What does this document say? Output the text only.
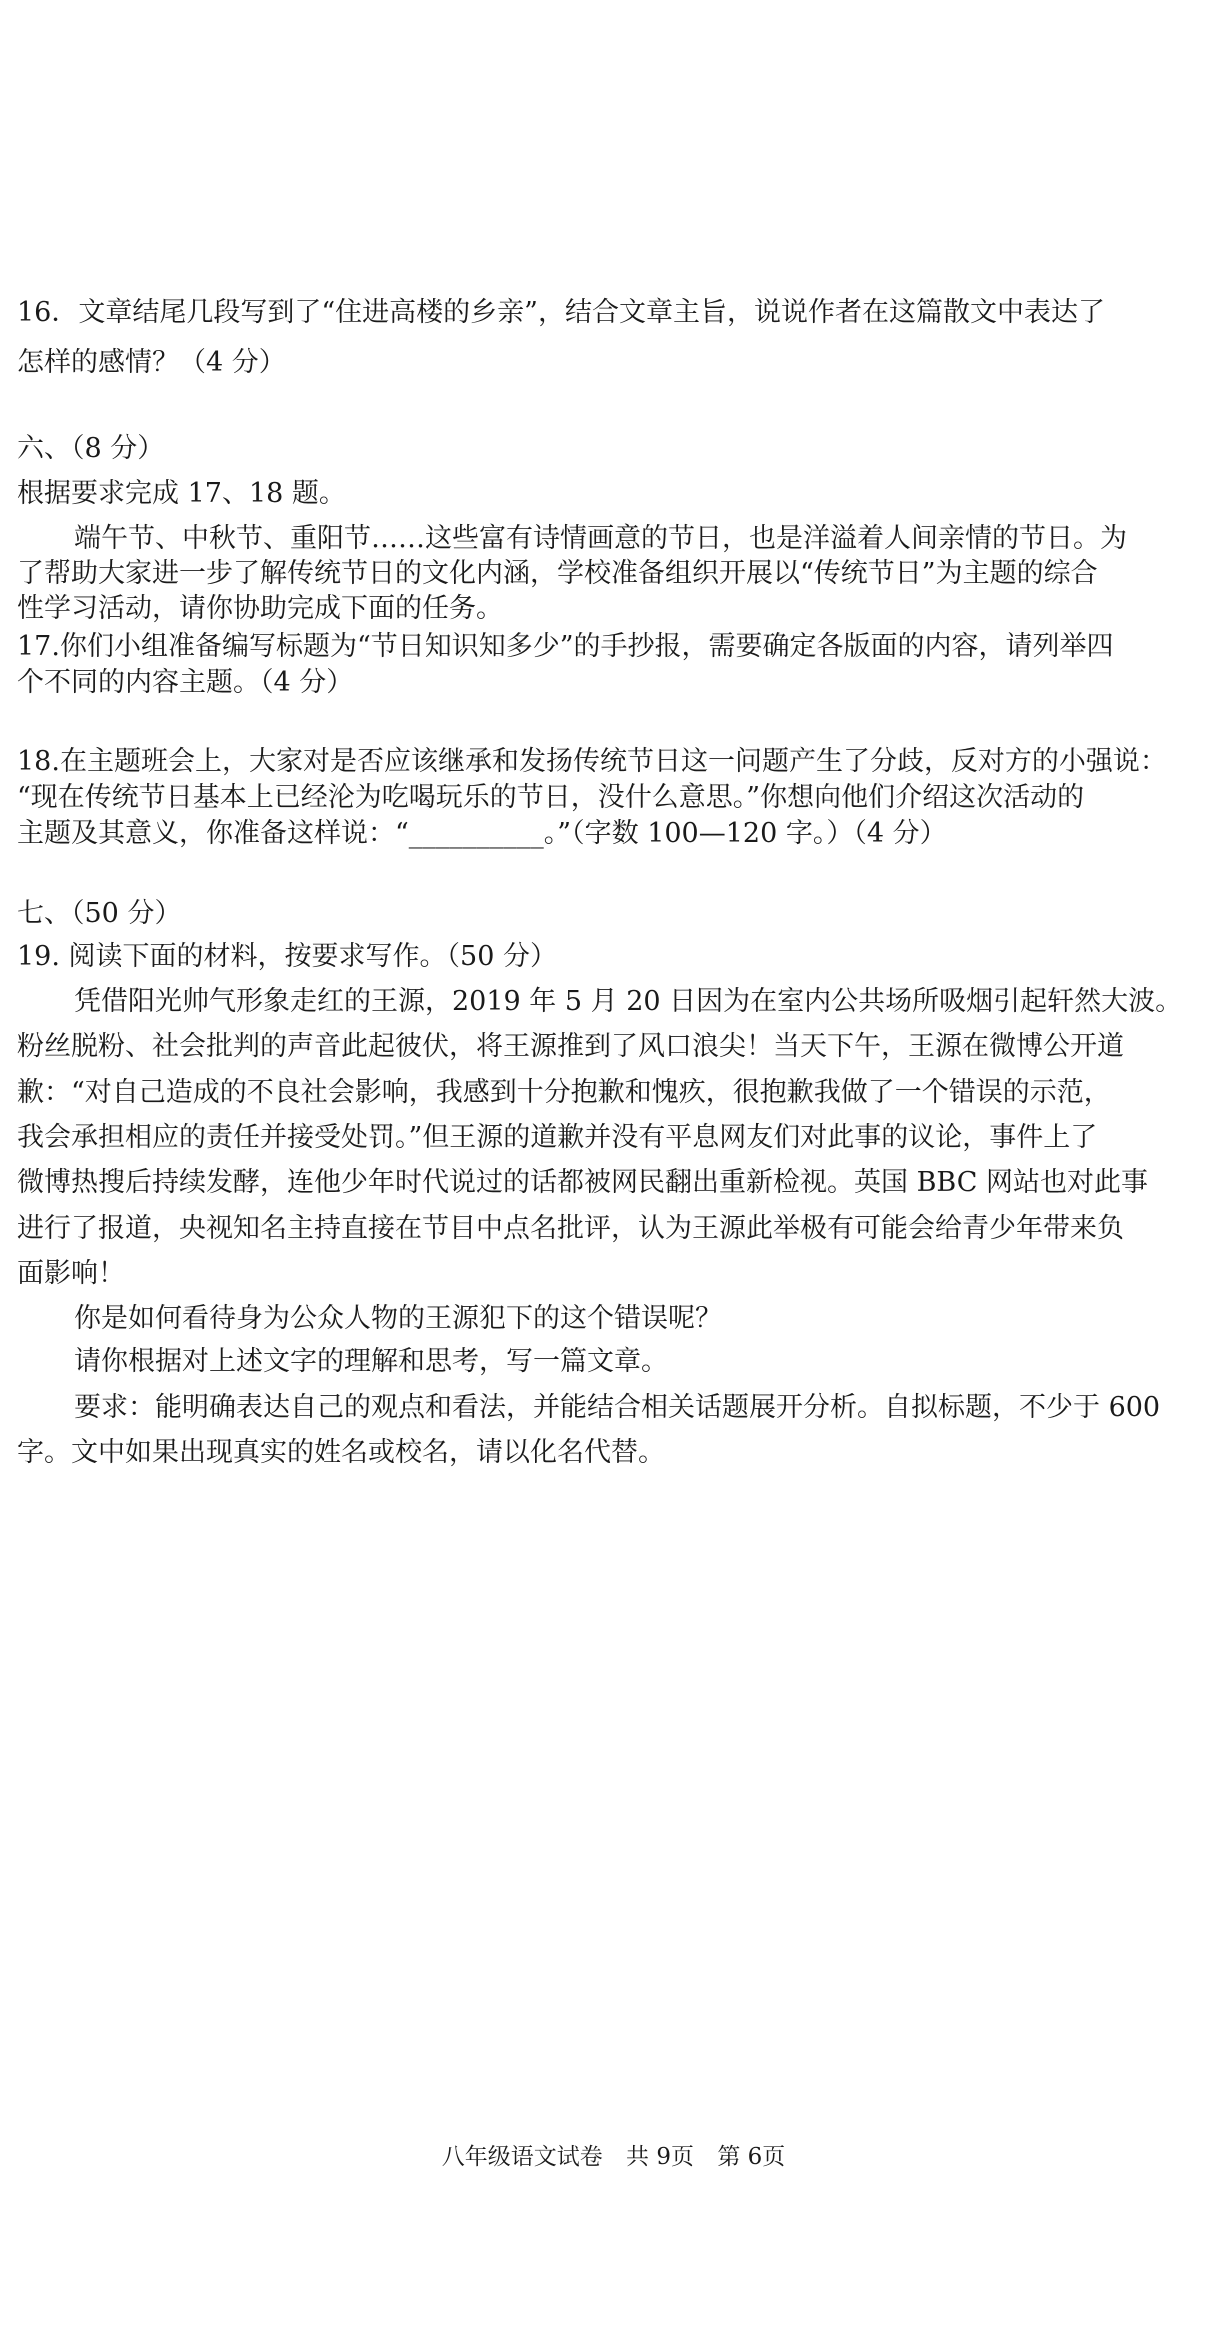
16．文章结尾几段写到了“住进高楼的乡亲”，结合文章主旨，说说作者在这篇散文中表达了
怎样的感情？（4 分）
六、（8 分）
根据要求完成 17、18 题。
端午节、中秋节、重阳节……这些富有诗情画意的节日，也是洋溢着人间亲情的节日。为
了帮助大家进一步了解传统节日的文化内涵，学校准备组织开展以“传统节日”为主题的综合
性学习活动，请你协助完成下面的任务。
17.你们小组准备编写标题为“节日知识知多少”的手抄报，需要确定各版面的内容，请列举四
个不同的内容主题。（4 分）
18.在主题班会上，大家对是否应该继承和发扬传统节日这一问题产生了分歧，反对方的小强说：
“现在传统节日基本上已经沦为吃喝玩乐的节日，没什么意思。”你想向他们介绍这次活动的
主题及其意义，你准备这样说：“__________。”（字数 100—120 字。）（4 分）
七、（50 分）
19. 阅读下面的材料，按要求写作。（50 分）
凭借阳光帅气形象走红的王源，2019 年 5 月 20 日因为在室内公共场所吸烟引起轩然大波。
粉丝脱粉、社会批判的声音此起彼伏，将王源推到了风口浪尖！当天下午，王源在微博公开道
歉：“对自己造成的不良社会影响，我感到十分抱歉和愧疚，很抱歉我做了一个错误的示范，
我会承担相应的责任并接受处罚。”但王源的道歉并没有平息网友们对此事的议论，事件上了
微博热搜后持续发酵，连他少年时代说过的话都被网民翻出重新检视。英国 BBC 网站也对此事
进行了报道，央视知名主持直接在节目中点名批评，认为王源此举极有可能会给青少年带来负
面影响！
你是如何看待身为公众人物的王源犯下的这个错误呢？
请你根据对上述文字的理解和思考，写一篇文章。
要求：能明确表达自己的观点和看法，并能结合相关话题展开分析。自拟标题，不少于 600
字。文中如果出现真实的姓名或校名，请以化名代替。
八年级语文试卷 共 9页 第 6页
